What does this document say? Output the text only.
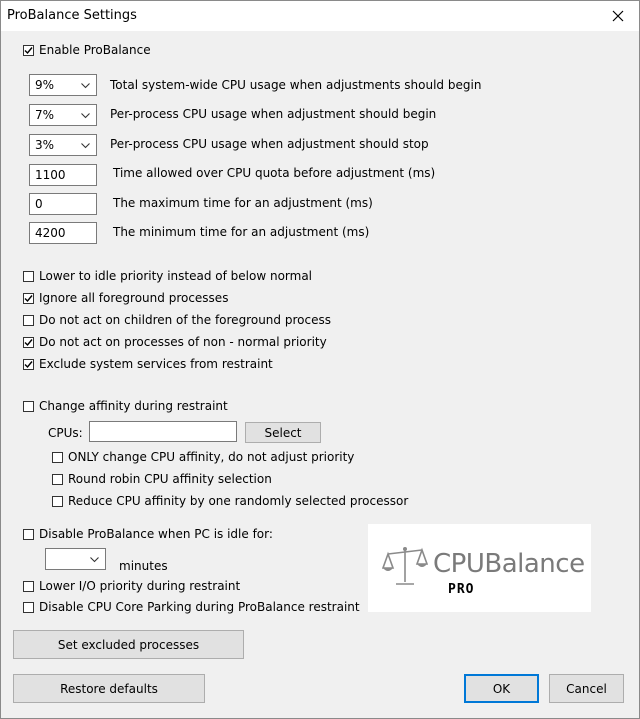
ProBalance Settings
Enable ProBalance
9%	Total system-wide CPU usage when adjustments should begin
7%	Per-process CPU usage when adjustment should begin
3%	Per-process CPU usage when adjustment should stop
1100	Time allowed over CPU quota before adjustment (ms)
0	The maximum time for an adjustment (ms)
4200	The minimum time for an adjustment (ms)
Lower to idle priority instead of below normal
Ignore all foreground processes
Do not act on children of the foreground process
Do not act on processes of non - normal priority
Exclude system services from restraint
Change affinity during restraint
CPUs:	Select
ONLY change CPU affinity, do not adjust priority
Round robin CPU affinity selection
Reduce CPU affinity by one randomly selected processor
Disable ProBalance when PC is idle for:
minutes
Lower I/O priority during restraint
Disable CPU Core Parking during ProBalance restraint
CPUBalance
PRO
Set excluded processes
Restore defaults	OK	Cancel
